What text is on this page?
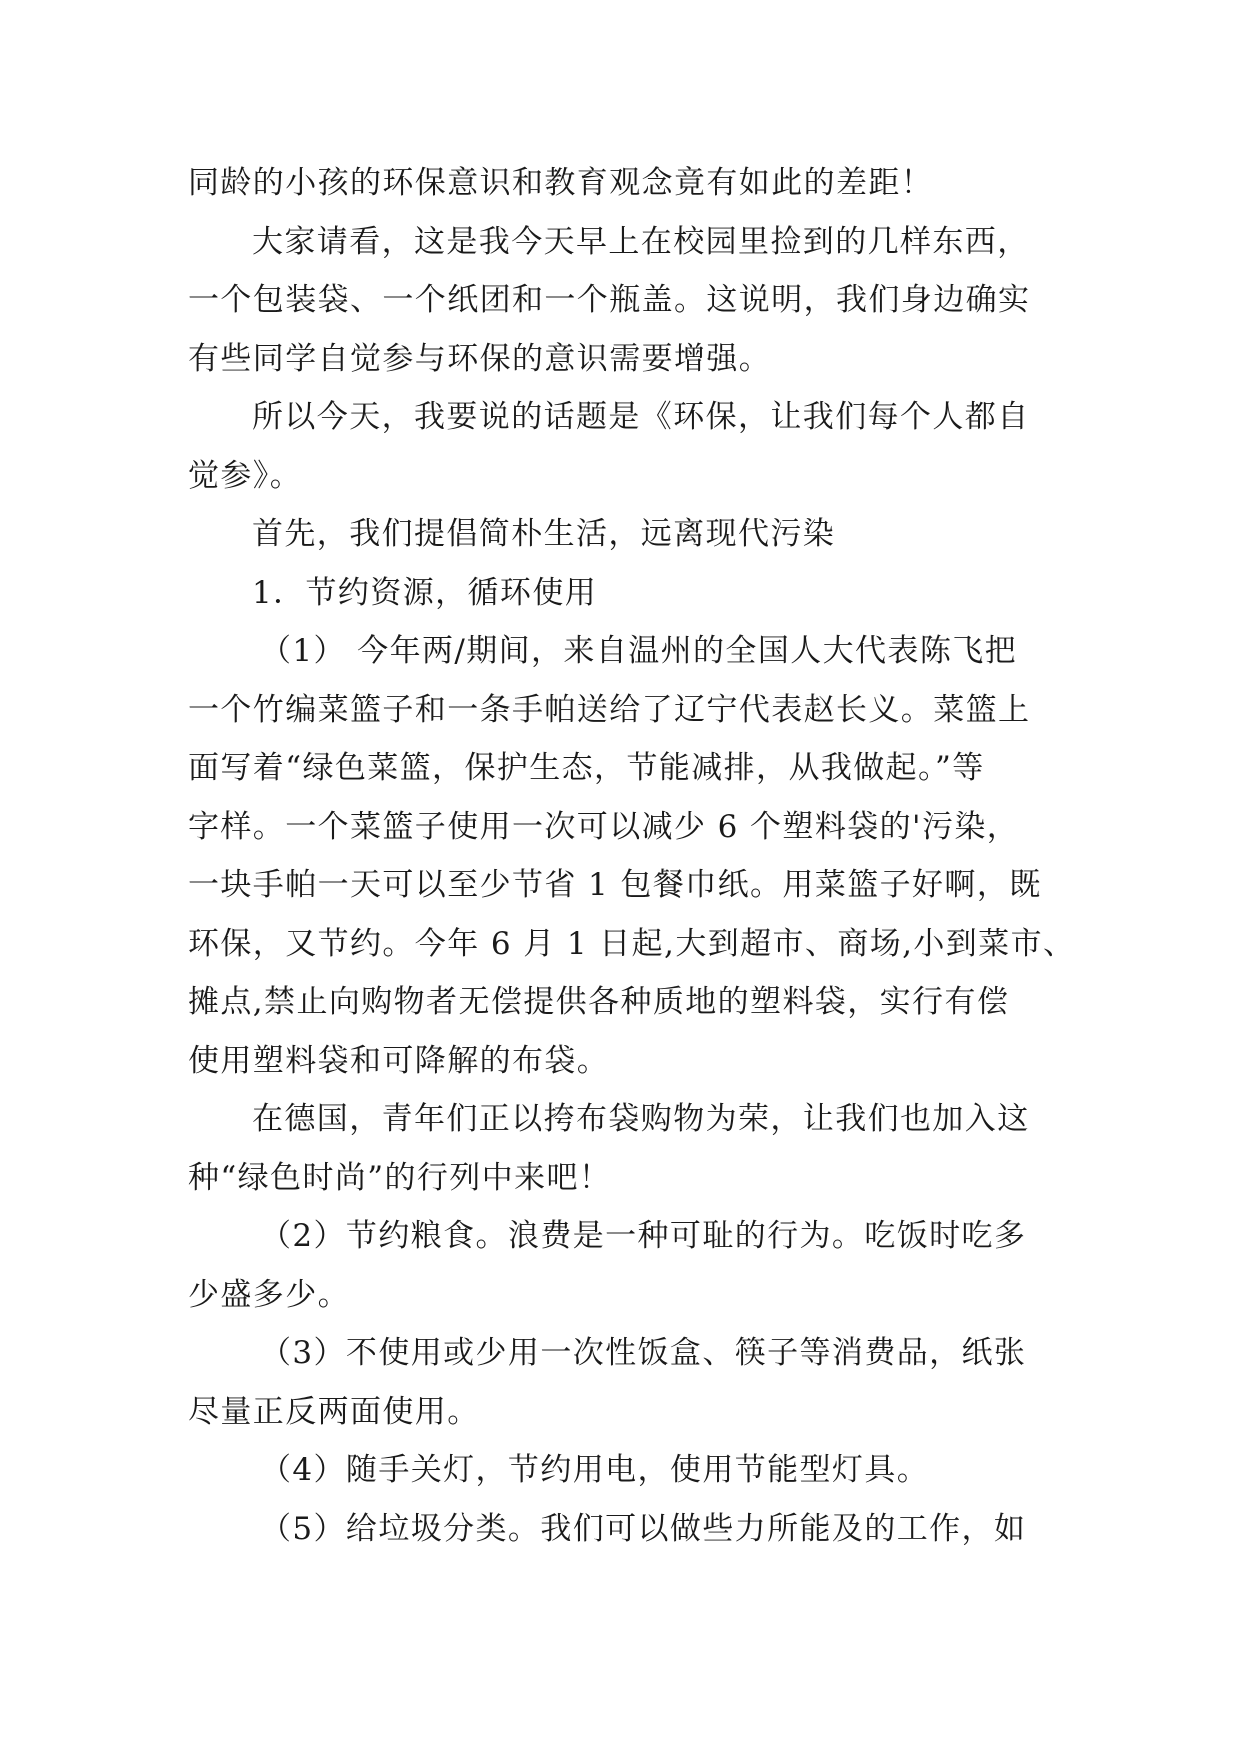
同龄的小孩的环保意识和教育观念竟有如此的差距！
大家请看，这是我今天早上在校园里捡到的几样东西，
一个包装袋、一个纸团和一个瓶盖。这说明，我们身边确实
有些同学自觉参与环保的意识需要增强。
所以今天，我要说的话题是《环保，让我们每个人都自
觉参》。
首先，我们提倡简朴生活，远离现代污染
1．节约资源，循环使用
（1） 今年两/期间，来自温州的全国人大代表陈飞把
一个竹编菜篮子和一条手帕送给了辽宁代表赵长义。菜篮上
面写着“绿色菜篮，保护生态，节能减排，从我做起。”等
字样。一个菜篮子使用一次可以减少 6 个塑料袋的'污染，
一块手帕一天可以至少节省 1 包餐巾纸。用菜篮子好啊，既
环保，又节约。今年 6 月 1 日起,大到超市、商场,小到菜市、
摊点,禁止向购物者无偿提供各种质地的塑料袋，实行有偿
使用塑料袋和可降解的布袋。
在德国，青年们正以挎布袋购物为荣，让我们也加入这
种“绿色时尚”的行列中来吧！
（2）节约粮食。浪费是一种可耻的行为。吃饭时吃多
少盛多少。
（3）不使用或少用一次性饭盒、筷子等消费品，纸张
尽量正反两面使用。
（4）随手关灯，节约用电，使用节能型灯具。
（5）给垃圾分类。我们可以做些力所能及的工作，如
